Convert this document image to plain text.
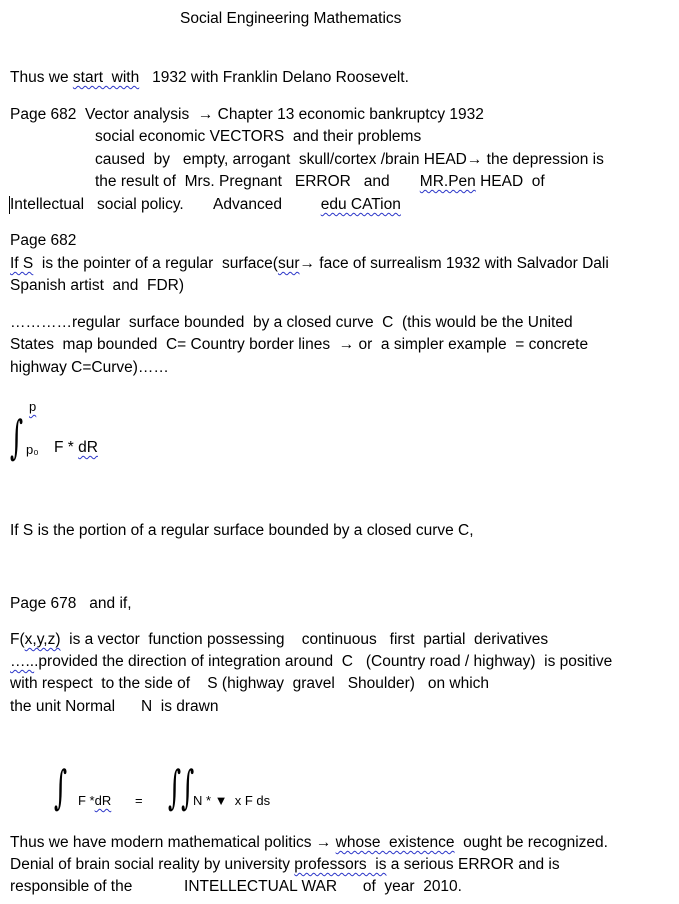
Social Engineering Mathematics
Thus we start  with   1932 with Franklin Delano Roosevelt.
Page 682  Vector analysis  → Chapter 13 economic bankruptcy 1932
social economic VECTORS  and their problems
caused  by   empty, arrogant  skull/cortex /brain HEAD→ the depression is
the result of  Mrs. Pregnant   ERROR   and       MR.Pen HEAD  of
Intellectual   social policy.       Advanced         edu CATion
Page 682
If S  is the pointer of a regular  surface(sur→ face of surrealism 1932 with Salvador Dali
Spanish artist  and  FDR)
…………regular  surface bounded  by a closed curve  C  (this would be the United
States  map bounded  C= Country border lines  → or  a simpler example  = concrete
highway C=Curve)……
∫
p
p₀ F * dR
If S is the portion of a regular surface bounded by a closed curve C,
Page 678   and if,
F(x,y,z)  is a vector  function possessing    continuous   first  partial  derivatives
…...provided the direction of integration around  C   (Country road / highway)  is positive
with respect  to the side of    S (highway  gravel   Shoulder)   on which
the unit Normal      N  is drawn
∫ F *dR = ∫∫
N * ▼  x F ds
Thus we have modern mathematical politics → whose  existence  ought be recognized.
Denial of brain social reality by university professors  is a serious ERROR and is
responsible of the            INTELLECTUAL WAR      of  year  2010.
